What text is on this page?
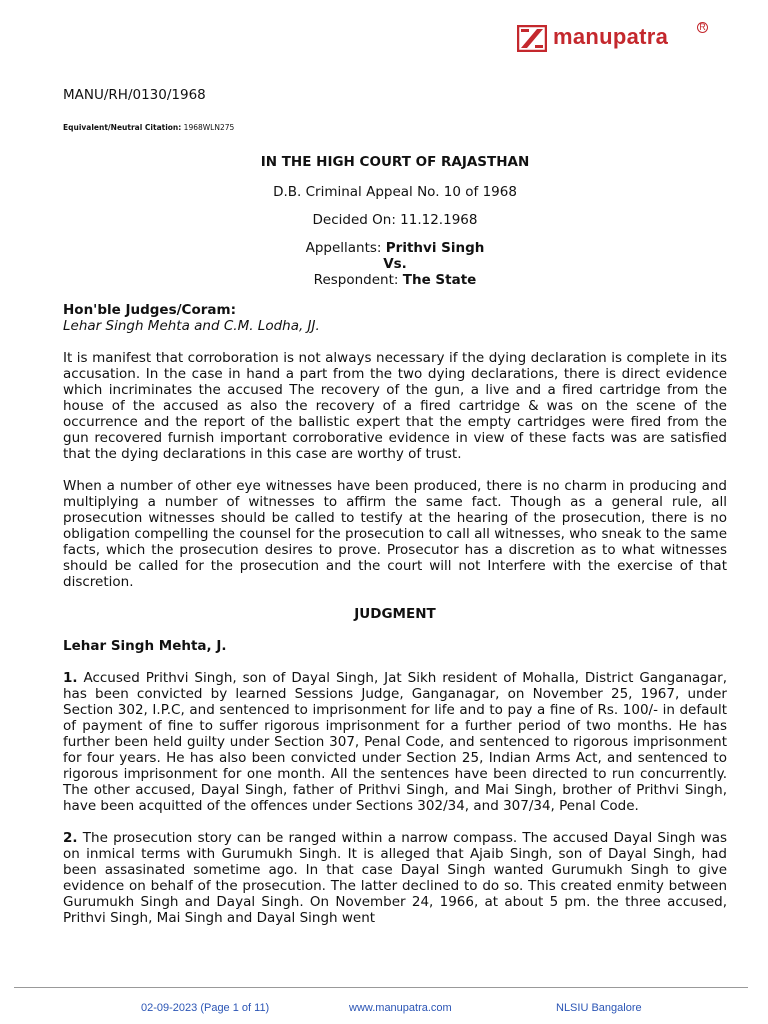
manupatra	R
MANU/RH/0130/1968
Equivalent/Neutral Citation: 1968WLN275
IN THE HIGH COURT OF RAJASTHAN
D.B. Criminal Appeal No. 10 of 1968
Decided On: 11.12.1968
Appellants: Prithvi Singh
Vs.
Respondent: The State
Hon'ble Judges/Coram:
Lehar Singh Mehta and C.M. Lodha, JJ.

It is manifest that corroboration is not always necessary if the dying declaration is complete in its accusation. In the case in hand a part from the two dying declarations, there is direct evidence which incriminates the accused The recovery of the gun, a live and a fired cartridge from the house of the accused as also the recovery of a fired cartridge & was on the scene of the occurrence and the report of the ballistic expert that the empty cartridges were fired from the gun recovered furnish important corroborative evidence in view of these facts was are satisfied that the dying declarations in this case are worthy of trust.

When a number of other eye witnesses have been produced, there is no charm in producing and multiplying a number of witnesses to affirm the same fact. Though as a general rule, all prosecution witnesses should be called to testify at the hearing of the prosecution, there is no obligation compelling the counsel for the prosecution to call all witnesses, who sneak to the same facts, which the prosecution desires to prove. Prosecutor has a discretion as to what witnesses should be called for the prosecution and the court will not Interfere with the exercise of that discretion.

JUDGMENT
Lehar Singh Mehta, J.

1. Accused Prithvi Singh, son of Dayal Singh, Jat Sikh resident of Mohalla, District Ganganagar, has been convicted by learned Sessions Judge, Ganganagar, on November 25, 1967, under Section 302, I.P.C, and sentenced to imprisonment for life and to pay a fine of Rs. 100/- in default of payment of fine to suffer rigorous imprisonment for a further period of two months. He has further been held guilty under Section 307, Penal Code, and sentenced to rigorous imprisonment for four years. He has also been convicted under Section 25, Indian Arms Act, and sentenced to rigorous imprisonment for one month. All the sentences have been directed to run concurrently. The other accused, Dayal Singh, father of Prithvi Singh, and Mai Singh, brother of Prithvi Singh, have been acquitted of the offences under Sections 302/34, and 307/34, Penal Code.

2. The prosecution story can be ranged within a narrow compass. The accused Dayal Singh was on inmical terms with Gurumukh Singh. It is alleged that Ajaib Singh, son of Dayal Singh, had been assasinated sometime ago. In that case Dayal Singh wanted Gurumukh Singh to give evidence on behalf of the prosecution. The latter declined to do so. This created enmity between Gurumukh Singh and Dayal Singh. On November 24, 1966, at about 5 pm. the three accused, Prithvi Singh, Mai Singh and Dayal Singh went

02-09-2023 (Page 1 of 11)	www.manupatra.com	NLSIU Bangalore
